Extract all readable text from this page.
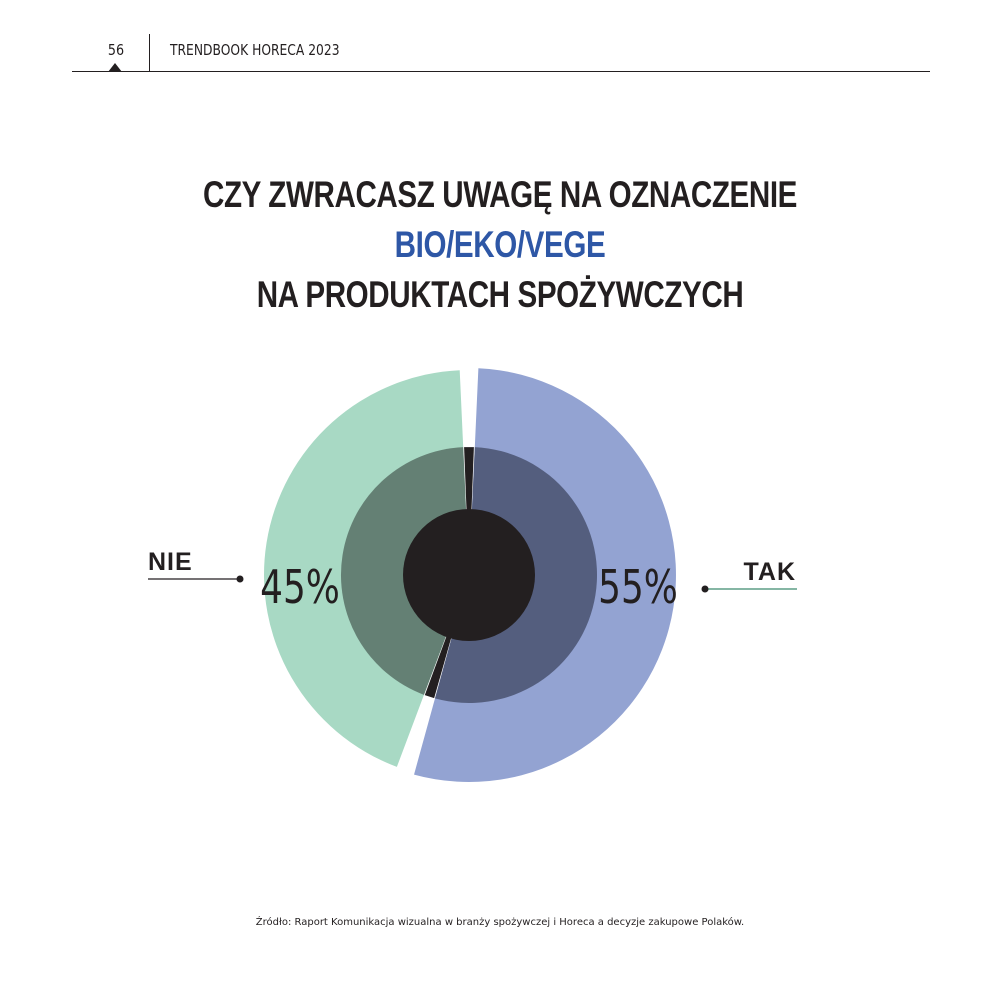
56	TRENDBOOK HORECA 2023
CZY ZWRACASZ UWAGĘ NA OZNACZENIE
BIO/EKO/VEGE
NA PRODUKTACH SPOŻYWCZYCH
55%	TAK
45%
NIE
Źródło: Raport Komunikacja wizualna w branży spożywczej i Horeca a decyzje zakupowe Polaków.
